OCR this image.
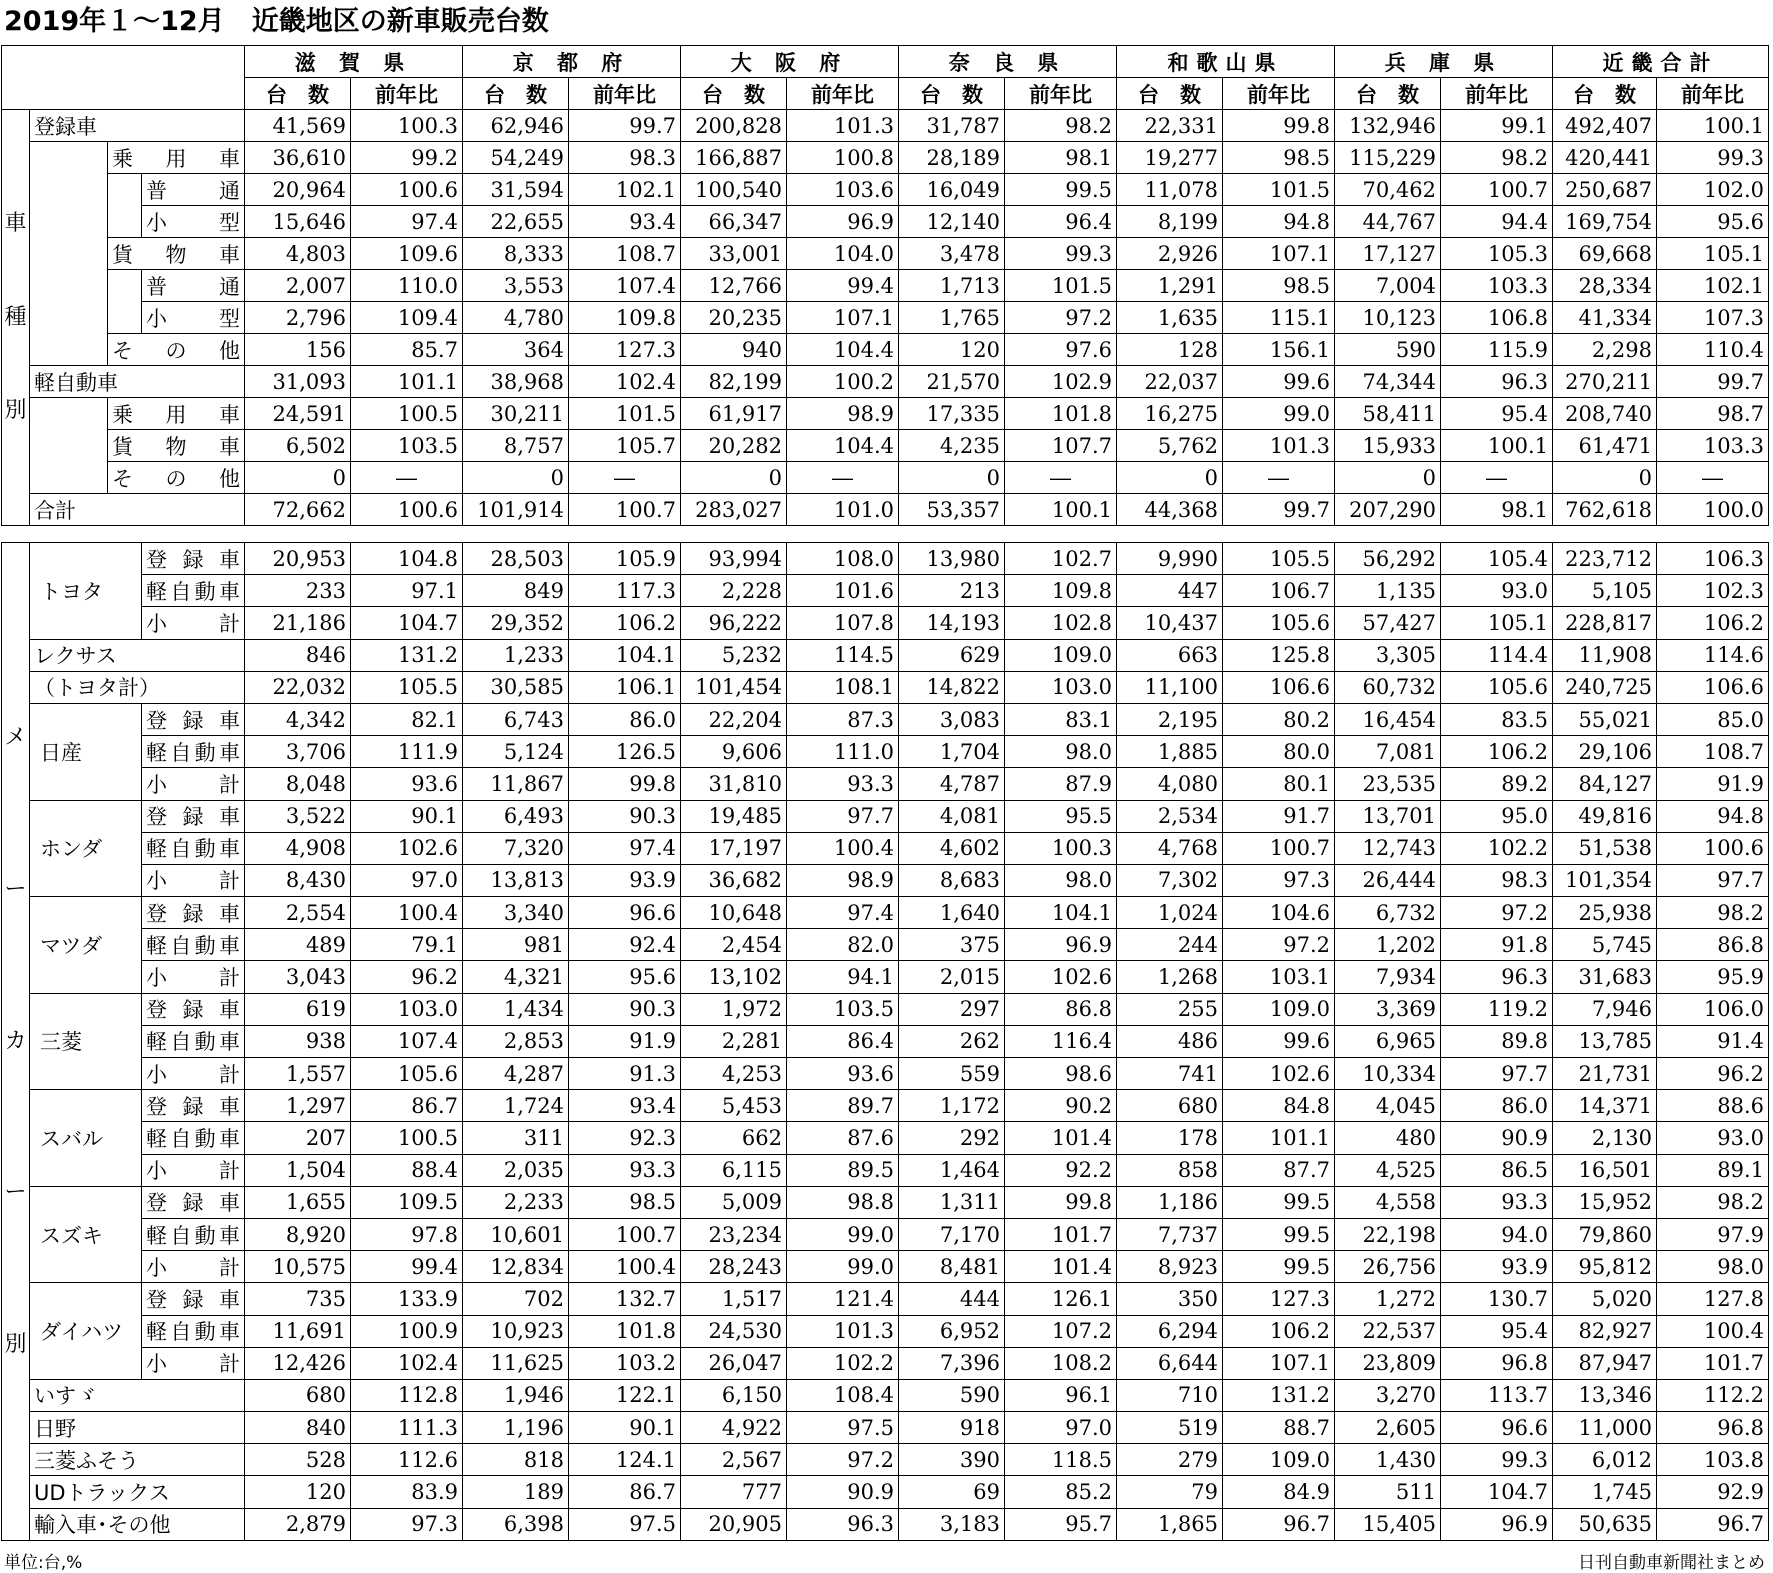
2019年１～12月　近畿地区の新車販売台数
				滋 賀 県		京 都 府		大 阪 府		奈 良 県		和歌山県		兵 庫 県		近畿合計	
				台　数	前年比	台　数	前年比	台　数	前年比	台　数	前年比	台　数	前年比	台　数	前年比	台　数	前年比

車
種
別	登録車			41,569	100.3	62,946	99.7	200,828	101.3	31,787	98.2	22,331	99.8	132,946	99.1	492,407	100.1
		乗　用　車		36,610	99.2	54,249	98.3	166,887	100.8	28,189	98.1	19,277	98.5	115,229	98.2	420,441	99.3
			普　通	20,964	100.6	31,594	102.1	100,540	103.6	16,049	99.5	11,078	101.5	70,462	100.7	250,687	102.0
			小　型	15,646	97.4	22,655	93.4	66,347	96.9	12,140	96.4	8,199	94.8	44,767	94.4	169,754	95.6
		貨　物　車		4,803	109.6	8,333	108.7	33,001	104.0	3,478	99.3	2,926	107.1	17,127	105.3	69,668	105.1
			普　通	2,007	110.0	3,553	107.4	12,766	99.4	1,713	101.5	1,291	98.5	7,004	103.3	28,334	102.1
			小　型	2,796	109.4	4,780	109.8	20,235	107.1	1,765	97.2	1,635	115.1	10,123	106.8	41,334	107.3
		そ　の　他		156	85.7	364	127.3	940	104.4	120	97.6	128	156.1	590	115.9	2,298	110.4
	軽自動車			31,093	101.1	38,968	102.4	82,199	100.2	21,570	102.9	22,037	99.6	74,344	96.3	270,211	99.7
		乗　用　車		24,591	100.5	30,211	101.5	61,917	98.9	17,335	101.8	16,275	99.0	58,411	95.4	208,740	98.7
		貨　物　車		6,502	103.5	8,757	105.7	20,282	104.4	4,235	107.7	5,762	101.3	15,933	100.1	61,471	103.3
		そ　の　他		0	―	0	―	0	―	0	―	0	―	0	―	0	―
	合計			72,662	100.6	101,914	100.7	283,027	101.0	53,357	100.1	44,368	99.7	207,290	98.1	762,618	100.0
メ
ー
カ
ー
別	トヨタ	登 録 車	20,953	104.8	28,503	105.9	93,994	108.0	13,980	102.7	9,990	105.5	56,292	105.4	223,712	106.3
		軽自動車	233	97.1	849	117.3	2,228	101.6	213	109.8	447	106.7	1,135	93.0	5,105	102.3
		小　計	21,186	104.7	29,352	106.2	96,222	107.8	14,193	102.8	10,437	105.6	57,427	105.1	228,817	106.2
	レクサス		846	131.2	1,233	104.1	5,232	114.5	629	109.0	663	125.8	3,305	114.4	11,908	114.6
	（トヨタ計）		22,032	105.5	30,585	106.1	101,454	108.1	14,822	103.0	11,100	106.6	60,732	105.6	240,725	106.6
	日産	登 録 車	4,342	82.1	6,743	86.0	22,204	87.3	3,083	83.1	2,195	80.2	16,454	83.5	55,021	85.0
		軽自動車	3,706	111.9	5,124	126.5	9,606	111.0	1,704	98.0	1,885	80.0	7,081	106.2	29,106	108.7
		小　計	8,048	93.6	11,867	99.8	31,810	93.3	4,787	87.9	4,080	80.1	23,535	89.2	84,127	91.9
	ホンダ	登 録 車	3,522	90.1	6,493	90.3	19,485	97.7	4,081	95.5	2,534	91.7	13,701	95.0	49,816	94.8
		軽自動車	4,908	102.6	7,320	97.4	17,197	100.4	4,602	100.3	4,768	100.7	12,743	102.2	51,538	100.6
		小　計	8,430	97.0	13,813	93.9	36,682	98.9	8,683	98.0	7,302	97.3	26,444	98.3	101,354	97.7
	マツダ	登 録 車	2,554	100.4	3,340	96.6	10,648	97.4	1,640	104.1	1,024	104.6	6,732	97.2	25,938	98.2
		軽自動車	489	79.1	981	92.4	2,454	82.0	375	96.9	244	97.2	1,202	91.8	5,745	86.8
		小　計	3,043	96.2	4,321	95.6	13,102	94.1	2,015	102.6	1,268	103.1	7,934	96.3	31,683	95.9
	三菱	登 録 車	619	103.0	1,434	90.3	1,972	103.5	297	86.8	255	109.0	3,369	119.2	7,946	106.0
		軽自動車	938	107.4	2,853	91.9	2,281	86.4	262	116.4	486	99.6	6,965	89.8	13,785	91.4
		小　計	1,557	105.6	4,287	91.3	4,253	93.6	559	98.6	741	102.6	10,334	97.7	21,731	96.2
	スバル	登 録 車	1,297	86.7	1,724	93.4	5,453	89.7	1,172	90.2	680	84.8	4,045	86.0	14,371	88.6
		軽自動車	207	100.5	311	92.3	662	87.6	292	101.4	178	101.1	480	90.9	2,130	93.0
		小　計	1,504	88.4	2,035	93.3	6,115	89.5	1,464	92.2	858	87.7	4,525	86.5	16,501	89.1
	スズキ	登 録 車	1,655	109.5	2,233	98.5	5,009	98.8	1,311	99.8	1,186	99.5	4,558	93.3	15,952	98.2
		軽自動車	8,920	97.8	10,601	100.7	23,234	99.0	7,170	101.7	7,737	99.5	22,198	94.0	79,860	97.9
		小　計	10,575	99.4	12,834	100.4	28,243	99.0	8,481	101.4	8,923	99.5	26,756	93.9	95,812	98.0
	ダイハツ	登 録 車	735	133.9	702	132.7	1,517	121.4	444	126.1	350	127.3	1,272	130.7	5,020	127.8
		軽自動車	11,691	100.9	10,923	101.8	24,530	101.3	6,952	107.2	6,294	106.2	22,537	95.4	82,927	100.4
		小　計	12,426	102.4	11,625	103.2	26,047	102.2	7,396	108.2	6,644	107.1	23,809	96.8	87,947	101.7
	いすゞ		680	112.8	1,946	122.1	6,150	108.4	590	96.1	710	131.2	3,270	113.7	13,346	112.2
	日野		840	111.3	1,196	90.1	4,922	97.5	918	97.0	519	88.7	2,605	96.6	11,000	96.8
	三菱ふそう		528	112.6	818	124.1	2,567	97.2	390	118.5	279	109.0	1,430	99.3	6,012	103.8
	UDトラックス		120	83.9	189	86.7	777	90.9	69	85.2	79	84.9	511	104.7	1,745	92.9
	輸入車･その他		2,879	97.3	6,398	97.5	20,905	96.3	3,183	95.7	1,865	96.7	15,405	96.9	50,635	96.7
単位:台,%	日刊自動車新聞社まとめ
